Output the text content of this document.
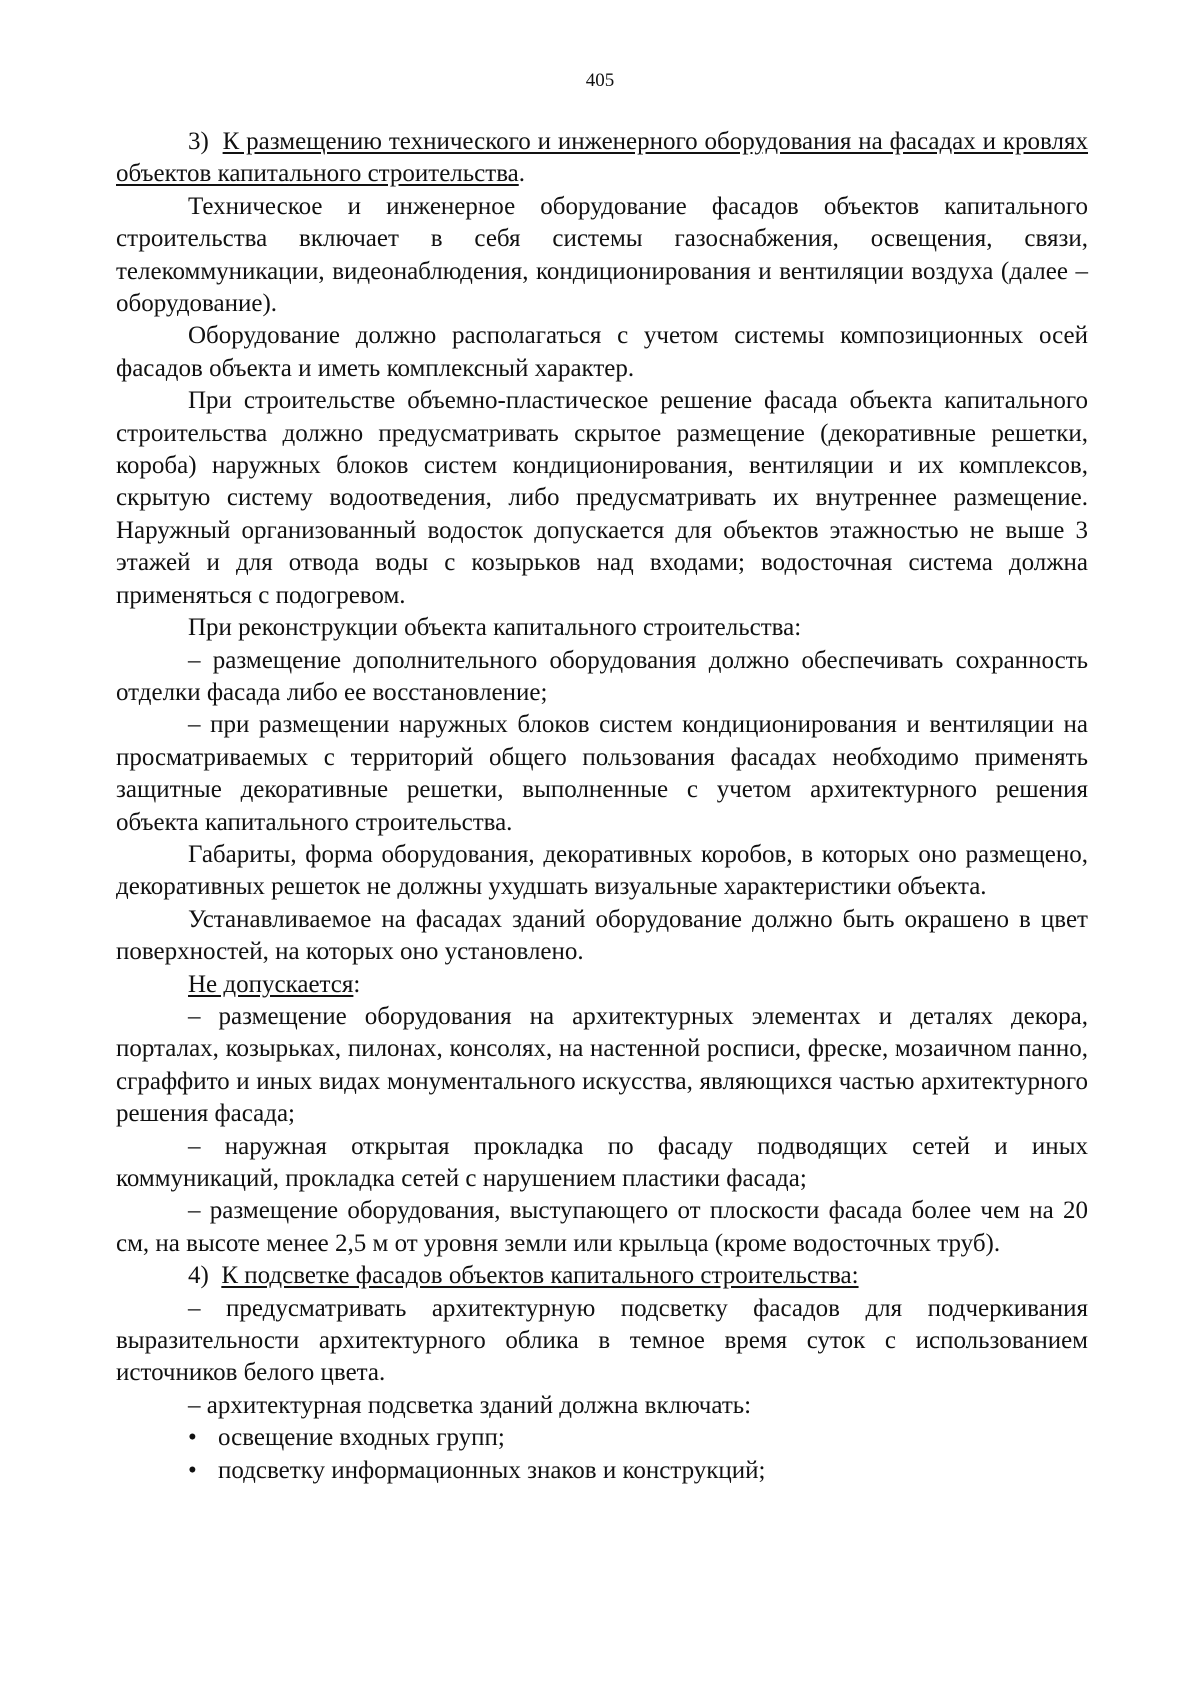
405

3) К размещению технического и инженерного оборудования на фасадах и кровлях объектов капитального строительства.

Техническое и инженерное оборудование фасадов объектов капитального строительства включает в себя системы газоснабжения, освещения, связи, телекоммуникации, видеонаблюдения, кондиционирования и вентиляции воздуха (далее – оборудование).

Оборудование должно располагаться с учетом системы композиционных осей фасадов объекта и иметь комплексный характер.

При строительстве объемно-пластическое решение фасада объекта капитального строительства должно предусматривать скрытое размещение (декоративные решетки, короба) наружных блоков систем кондиционирования, вентиляции и их комплексов, скрытую систему водоотведения, либо предусматривать их внутреннее размещение. Наружный организованный водосток допускается для объектов этажностью не выше 3 этажей и для отвода воды с козырьков над входами; водосточная система должна применяться с подогревом.

При реконструкции объекта капитального строительства:

– размещение дополнительного оборудования должно обеспечивать сохранность отделки фасада либо ее восстановление;

– при размещении наружных блоков систем кондиционирования и вентиляции на просматриваемых с территорий общего пользования фасадах необходимо применять защитные декоративные решетки, выполненные с учетом архитектурного решения объекта капитального строительства.

Габариты, форма оборудования, декоративных коробов, в которых оно размещено, декоративных решеток не должны ухудшать визуальные характеристики объекта.

Устанавливаемое на фасадах зданий оборудование должно быть окрашено в цвет поверхностей, на которых оно установлено.

Не допускается:

– размещение оборудования на архитектурных элементах и деталях декора, порталах, козырьках, пилонах, консолях, на настенной росписи, фреске, мозаичном панно, сграффито и иных видах монументального искусства, являющихся частью архитектурного решения фасада;

– наружная открытая прокладка по фасаду подводящих сетей и иных коммуникаций, прокладка сетей с нарушением пластики фасада;

– размещение оборудования, выступающего от плоскости фасада более чем на 20 см, на высоте менее 2,5 м от уровня земли или крыльца (кроме водосточных труб).

4) К подсветке фасадов объектов капитального строительства:

– предусматривать архитектурную подсветку фасадов для подчеркивания выразительности архитектурного облика в темное время суток с использованием источников белого цвета.

– архитектурная подсветка зданий должна включать:

• освещение входных групп;
• подсветку информационных знаков и конструкций;
